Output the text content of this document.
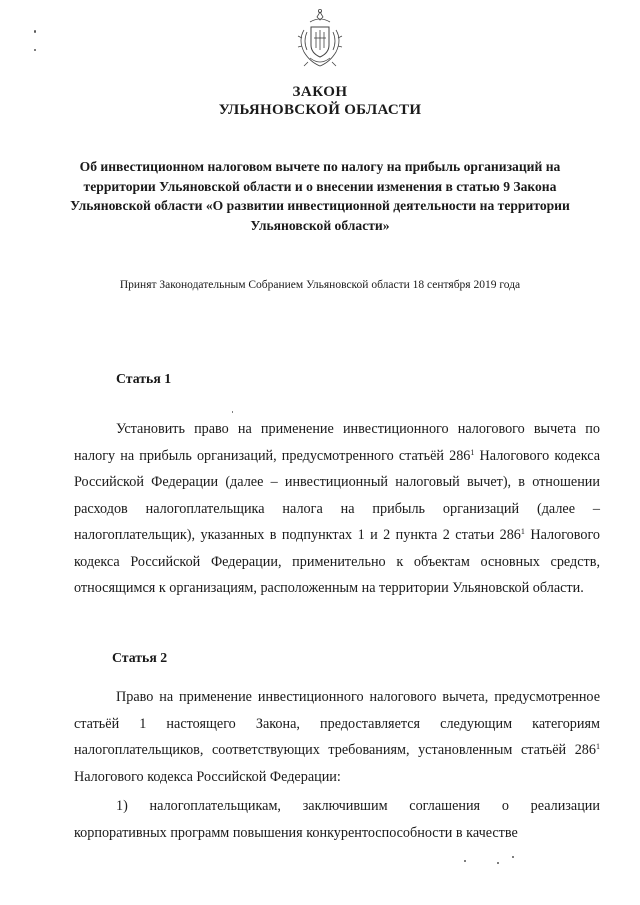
ЗАКОН
УЛЬЯНОВСКОЙ ОБЛАСТИ
Об инвестиционном налоговом вычете по налогу на прибыль организаций на территории Ульяновской области и о внесении изменения в статью 9 Закона Ульяновской области «О развитии инвестиционной деятельности на территории Ульяновской области»
Принят Законодательным Собранием Ульяновской области 18 сентября 2019 года
Статья 1

Установить право на применение инвестиционного налогового вычета по налогу на прибыль организаций, предусмотренного статьёй $286^1$ Налогового кодекса Российской Федерации (далее – инвестиционный налоговый вычет), в отношении расходов налогоплательщика налога на прибыль организаций (далее – налогоплательщик), указанных в подпунктах 1 и 2 пункта 2 статьи $286^1$ Налогового кодекса Российской Федерации, применительно к объектам основных средств, относящимся к организациям, расположенным на территории Ульяновской области.

Статья 2

Право на применение инвестиционного налогового вычета, предусмотренное статьёй 1 настоящего Закона, предоставляется следующим категориям налогоплательщиков, соответствующих требованиям, установленным статьёй $286^1$ Налогового кодекса Российской Федерации:

1) налогоплательщикам, заключившим соглашения о реализации корпоративных программ повышения конкурентоспособности в качестве
